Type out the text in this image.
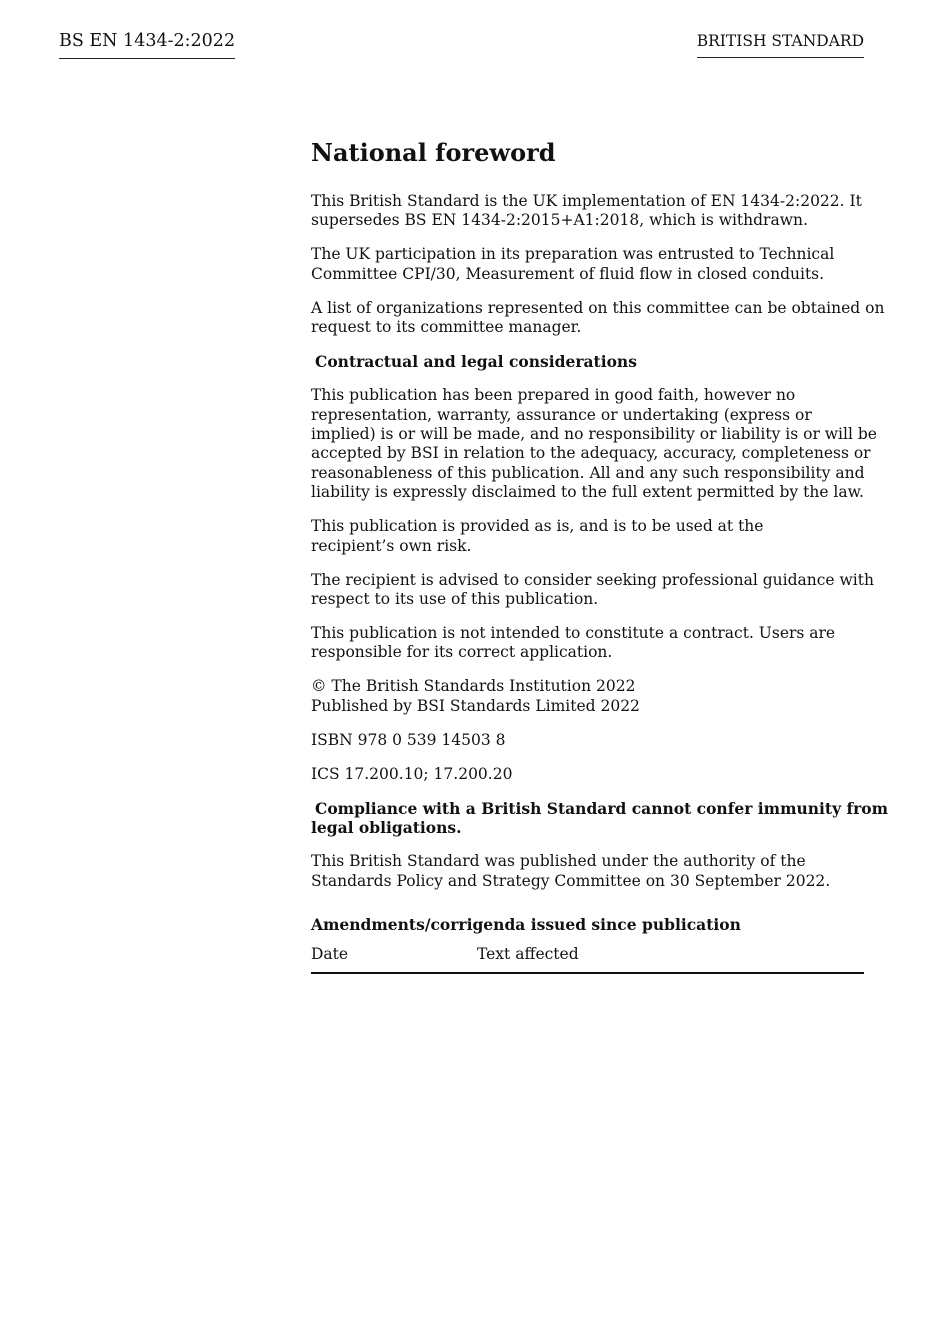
BS EN 1434-2:2022	BRITISH STANDARD
National foreword

This British Standard is the UK implementation of EN 1434-2:2022. It
supersedes BS EN 1434-2:2015+A1:2018, which is withdrawn.

The UK participation in its preparation was entrusted to Technical
Committee CPI/30, Measurement of fluid flow in closed conduits.

A list of organizations represented on this committee can be obtained on
request to its committee manager.

Contractual and legal considerations

This publication has been prepared in good faith, however no
representation, warranty, assurance or undertaking (express or
implied) is or will be made, and no responsibility or liability is or will be
accepted by BSI in relation to the adequacy, accuracy, completeness or
reasonableness of this publication. All and any such responsibility and
liability is expressly disclaimed to the full extent permitted by the law.

This publication is provided as is, and is to be used at the
recipient’s own risk.

The recipient is advised to consider seeking professional guidance with
respect to its use of this publication.

This publication is not intended to constitute a contract. Users are
responsible for its correct application.

© The British Standards Institution 2022
Published by BSI Standards Limited 2022

ISBN 978 0 539 14503 8

ICS 17.200.10; 17.200.20

Compliance with a British Standard cannot confer immunity from
legal obligations.

This British Standard was published under the authority of the
Standards Policy and Strategy Committee on 30 September 2022.

Amendments/corrigenda issued since publication
Date	Text affected
